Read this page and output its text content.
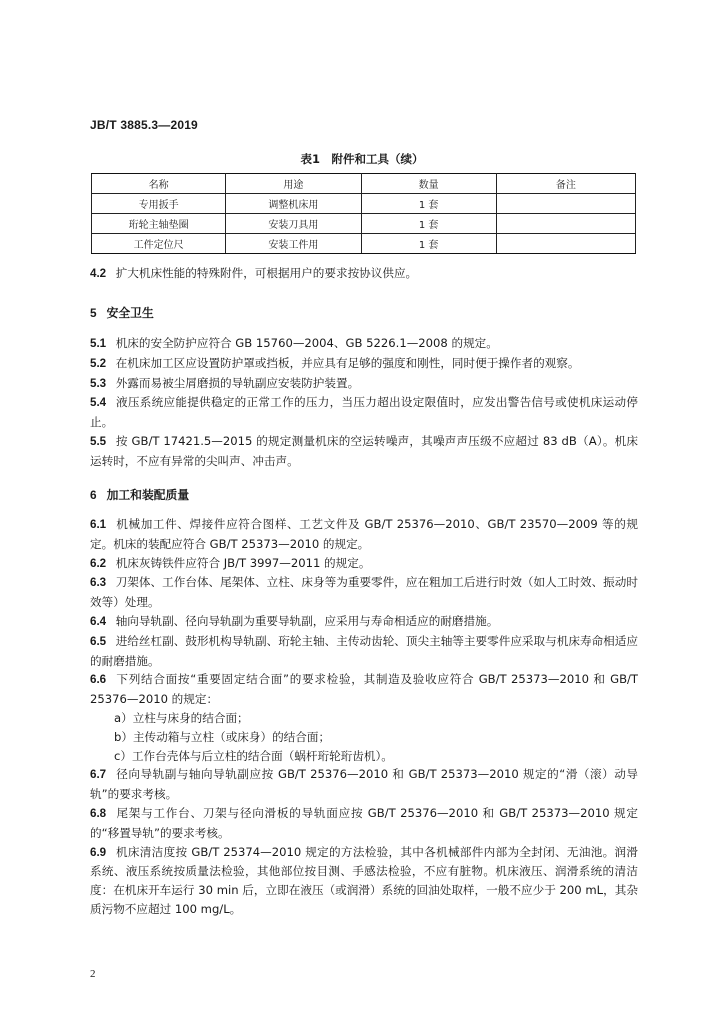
JB/T 3885.3—2019
表1　附件和工具（续）
名称	用途	数量	备注
专用扳手	调整机床用	1 套	
珩轮主轴垫圈	安装刀具用	1 套	
工件定位尺	安装工件用	1 套	
4.2 扩大机床性能的特殊附件，可根据用户的要求按协议供应。
5 安全卫生

5.1 机床的安全防护应符合 GB 15760—2004、GB 5226.1—2008 的规定。

5.2 在机床加工区应设置防护罩或挡板，并应具有足够的强度和刚性，同时便于操作者的观察。

5.3 外露而易被尘屑磨损的导轨副应安装防护装置。

5.4 液压系统应能提供稳定的正常工作的压力，当压力超出设定限值时，应发出警告信号或使机床运动停止。

5.5 按 GB/T 17421.5—2015 的规定测量机床的空运转噪声，其噪声声压级不应超过 83 dB（A）。机床运转时，不应有异常的尖叫声、冲击声。

6 加工和装配质量

6.1 机械加工件、焊接件应符合图样、工艺文件及 GB/T 25376—2010、GB/T 23570—2009 等的规定。机床的装配应符合 GB/T 25373—2010 的规定。

6.2 机床灰铸铁件应符合 JB/T 3997—2011 的规定。

6.3 刀架体、工作台体、尾架体、立柱、床身等为重要零件，应在粗加工后进行时效（如人工时效、振动时效等）处理。

6.4 轴向导轨副、径向导轨副为重要导轨副，应采用与寿命相适应的耐磨措施。

6.5 进给丝杠副、鼓形机构导轨副、珩轮主轴、主传动齿轮、顶尖主轴等主要零件应采取与机床寿命相适应的耐磨措施。

6.6 下列结合面按“重要固定结合面”的要求检验，其制造及验收应符合 GB/T 25373—2010 和 GB/T 25376—2010 的规定：

a）立柱与床身的结合面；

b）主传动箱与立柱（或床身）的结合面；

c）工作台壳体与后立柱的结合面（蜗杆珩轮珩齿机）。

6.7 径向导轨副与轴向导轨副应按 GB/T 25376—2010 和 GB/T 25373—2010 规定的“滑（滚）动导轨”的要求考核。

6.8 尾架与工作台、刀架与径向滑板的导轨面应按 GB/T 25376—2010 和 GB/T 25373—2010 规定的“移置导轨”的要求考核。

6.9 机床清洁度按 GB/T 25374—2010 规定的方法检验，其中各机械部件内部为全封闭、无油池。润滑系统、液压系统按质量法检验，其他部位按目测、手感法检验，不应有脏物。机床液压、润滑系统的清洁度：在机床开车运行 30 min 后，立即在液压（或润滑）系统的回油处取样，一般不应少于 200 mL，其杂质污物不应超过 100 mg/L。

2
